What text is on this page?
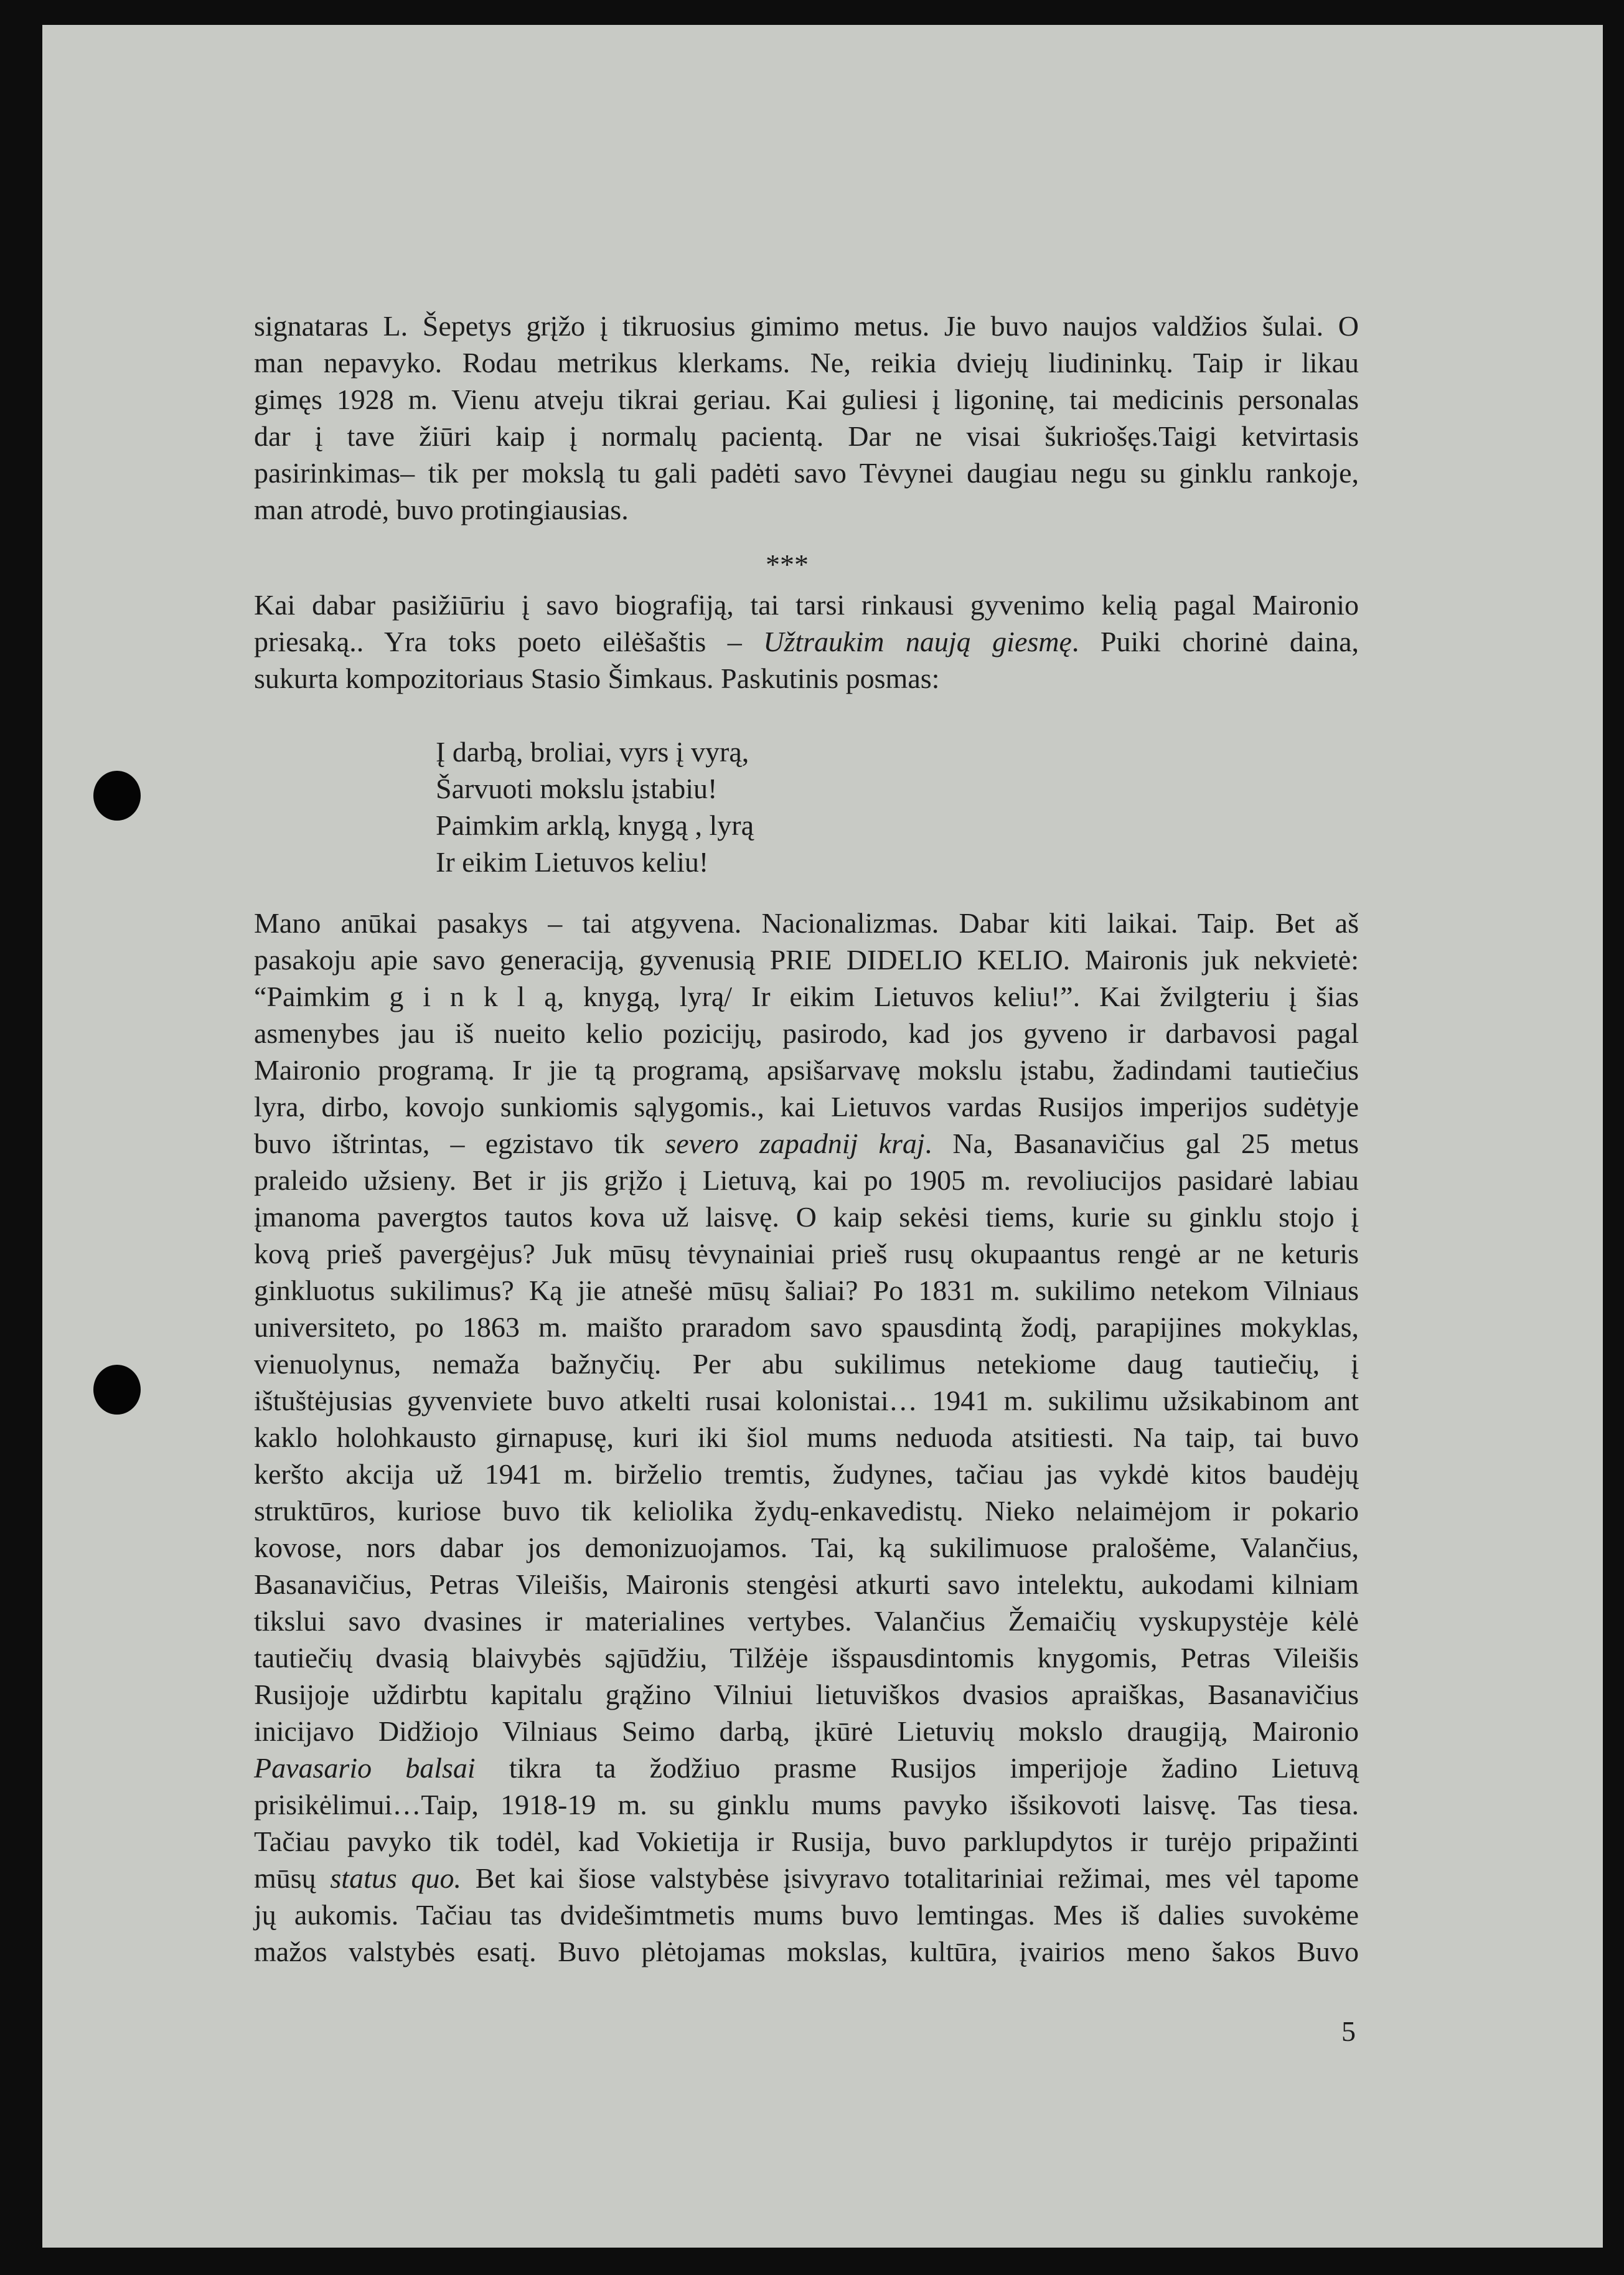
signataras L. Šepetys grįžo į tikruosius gimimo metus. Jie buvo naujos valdžios šulai. O
man nepavyko. Rodau metrikus klerkams. Ne, reikia dviejų liudininkų. Taip ir likau
gimęs 1928 m. Vienu atveju tikrai geriau. Kai guliesi į ligoninę, tai medicinis personalas
dar į tave žiūri kaip į normalų pacientą. Dar ne visai šukriošęs.Taigi ketvirtasis
pasirinkimas– tik per mokslą tu gali padėti savo Tėvynei daugiau negu su ginklu rankoje,
man atrodė, buvo protingiausias.
***
Kai dabar pasižiūriu į savo biografiją, tai tarsi rinkausi gyvenimo kelią pagal Maironio
priesaką.. Yra toks poeto eilėšaštis – Užtraukim naują giesmę. Puiki chorinė daina,
sukurta kompozitoriaus Stasio Šimkaus. Paskutinis posmas:
Į darbą, broliai, vyrs į vyrą,
Šarvuoti mokslu įstabiu!
Paimkim arklą, knygą , lyrą
Ir eikim Lietuvos keliu!
Mano anūkai pasakys – tai atgyvena. Nacionalizmas. Dabar kiti laikai. Taip. Bet aš
pasakoju apie savo generaciją, gyvenusią PRIE DIDELIO KELIO. Maironis juk nekvietė:
“Paimkim g i n k l ą, knygą, lyrą/ Ir eikim Lietuvos keliu!”. Kai žvilgteriu į šias
asmenybes jau iš nueito kelio pozicijų, pasirodo, kad jos gyveno ir darbavosi pagal
Maironio programą. Ir jie tą programą, apsišarvavę mokslu įstabu, žadindami tautiečius
lyra, dirbo, kovojo sunkiomis sąlygomis., kai Lietuvos vardas Rusijos imperijos sudėtyje
buvo ištrintas, – egzistavo tik severo zapadnij kraj. Na, Basanavičius gal 25 metus
praleido užsieny. Bet ir jis grįžo į Lietuvą, kai po 1905 m. revoliucijos pasidarė labiau
įmanoma pavergtos tautos kova už laisvę. O kaip sekėsi tiems, kurie su ginklu stojo į
kovą prieš pavergėjus? Juk mūsų tėvynainiai prieš rusų okupaantus rengė ar ne keturis
ginkluotus sukilimus? Ką jie atnešė mūsų šaliai? Po 1831 m. sukilimo netekom Vilniaus
universiteto, po 1863 m. maišto praradom savo spausdintą žodį, parapijines mokyklas,
vienuolynus, nemaža bažnyčių. Per abu sukilimus netekiome daug tautiečių, į
ištuštėjusias gyvenviete buvo atkelti rusai kolonistai… 1941 m. sukilimu užsikabinom ant
kaklo holohkausto girnapusę, kuri iki šiol mums neduoda atsitiesti. Na taip, tai buvo
keršto akcija už 1941 m. birželio tremtis, žudynes, tačiau jas vykdė kitos baudėjų
struktūros, kuriose buvo tik keliolika žydų-enkavedistų. Nieko nelaimėjom ir pokario
kovose, nors dabar jos demonizuojamos. Tai, ką sukilimuose pralošėme, Valančius,
Basanavičius, Petras Vileišis, Maironis stengėsi atkurti savo intelektu, aukodami kilniam
tikslui savo dvasines ir materialines vertybes. Valančius Žemaičių vyskupystėje kėlė
tautiečių dvasią blaivybės sąjūdžiu, Tilžėje išspausdintomis knygomis, Petras Vileišis
Rusijoje uždirbtu kapitalu grąžino Vilniui lietuviškos dvasios apraiškas, Basanavičius
inicijavo Didžiojo Vilniaus Seimo darbą, įkūrė Lietuvių mokslo draugiją, Maironio
Pavasario balsai tikra ta žodžiuo prasme Rusijos imperijoje žadino Lietuvą
prisikėlimui…Taip, 1918-19 m. su ginklu mums pavyko išsikovoti laisvę. Tas tiesa.
Tačiau pavyko tik todėl, kad Vokietija ir Rusija, buvo parklupdytos ir turėjo pripažinti
mūsų status quo. Bet kai šiose valstybėse įsivyravo totalitariniai režimai, mes vėl tapome
jų aukomis. Tačiau tas dvidešimtmetis mums buvo lemtingas. Mes iš dalies suvokėme
mažos valstybės esatį. Buvo plėtojamas mokslas, kultūra, įvairios meno šakos Buvo
5
